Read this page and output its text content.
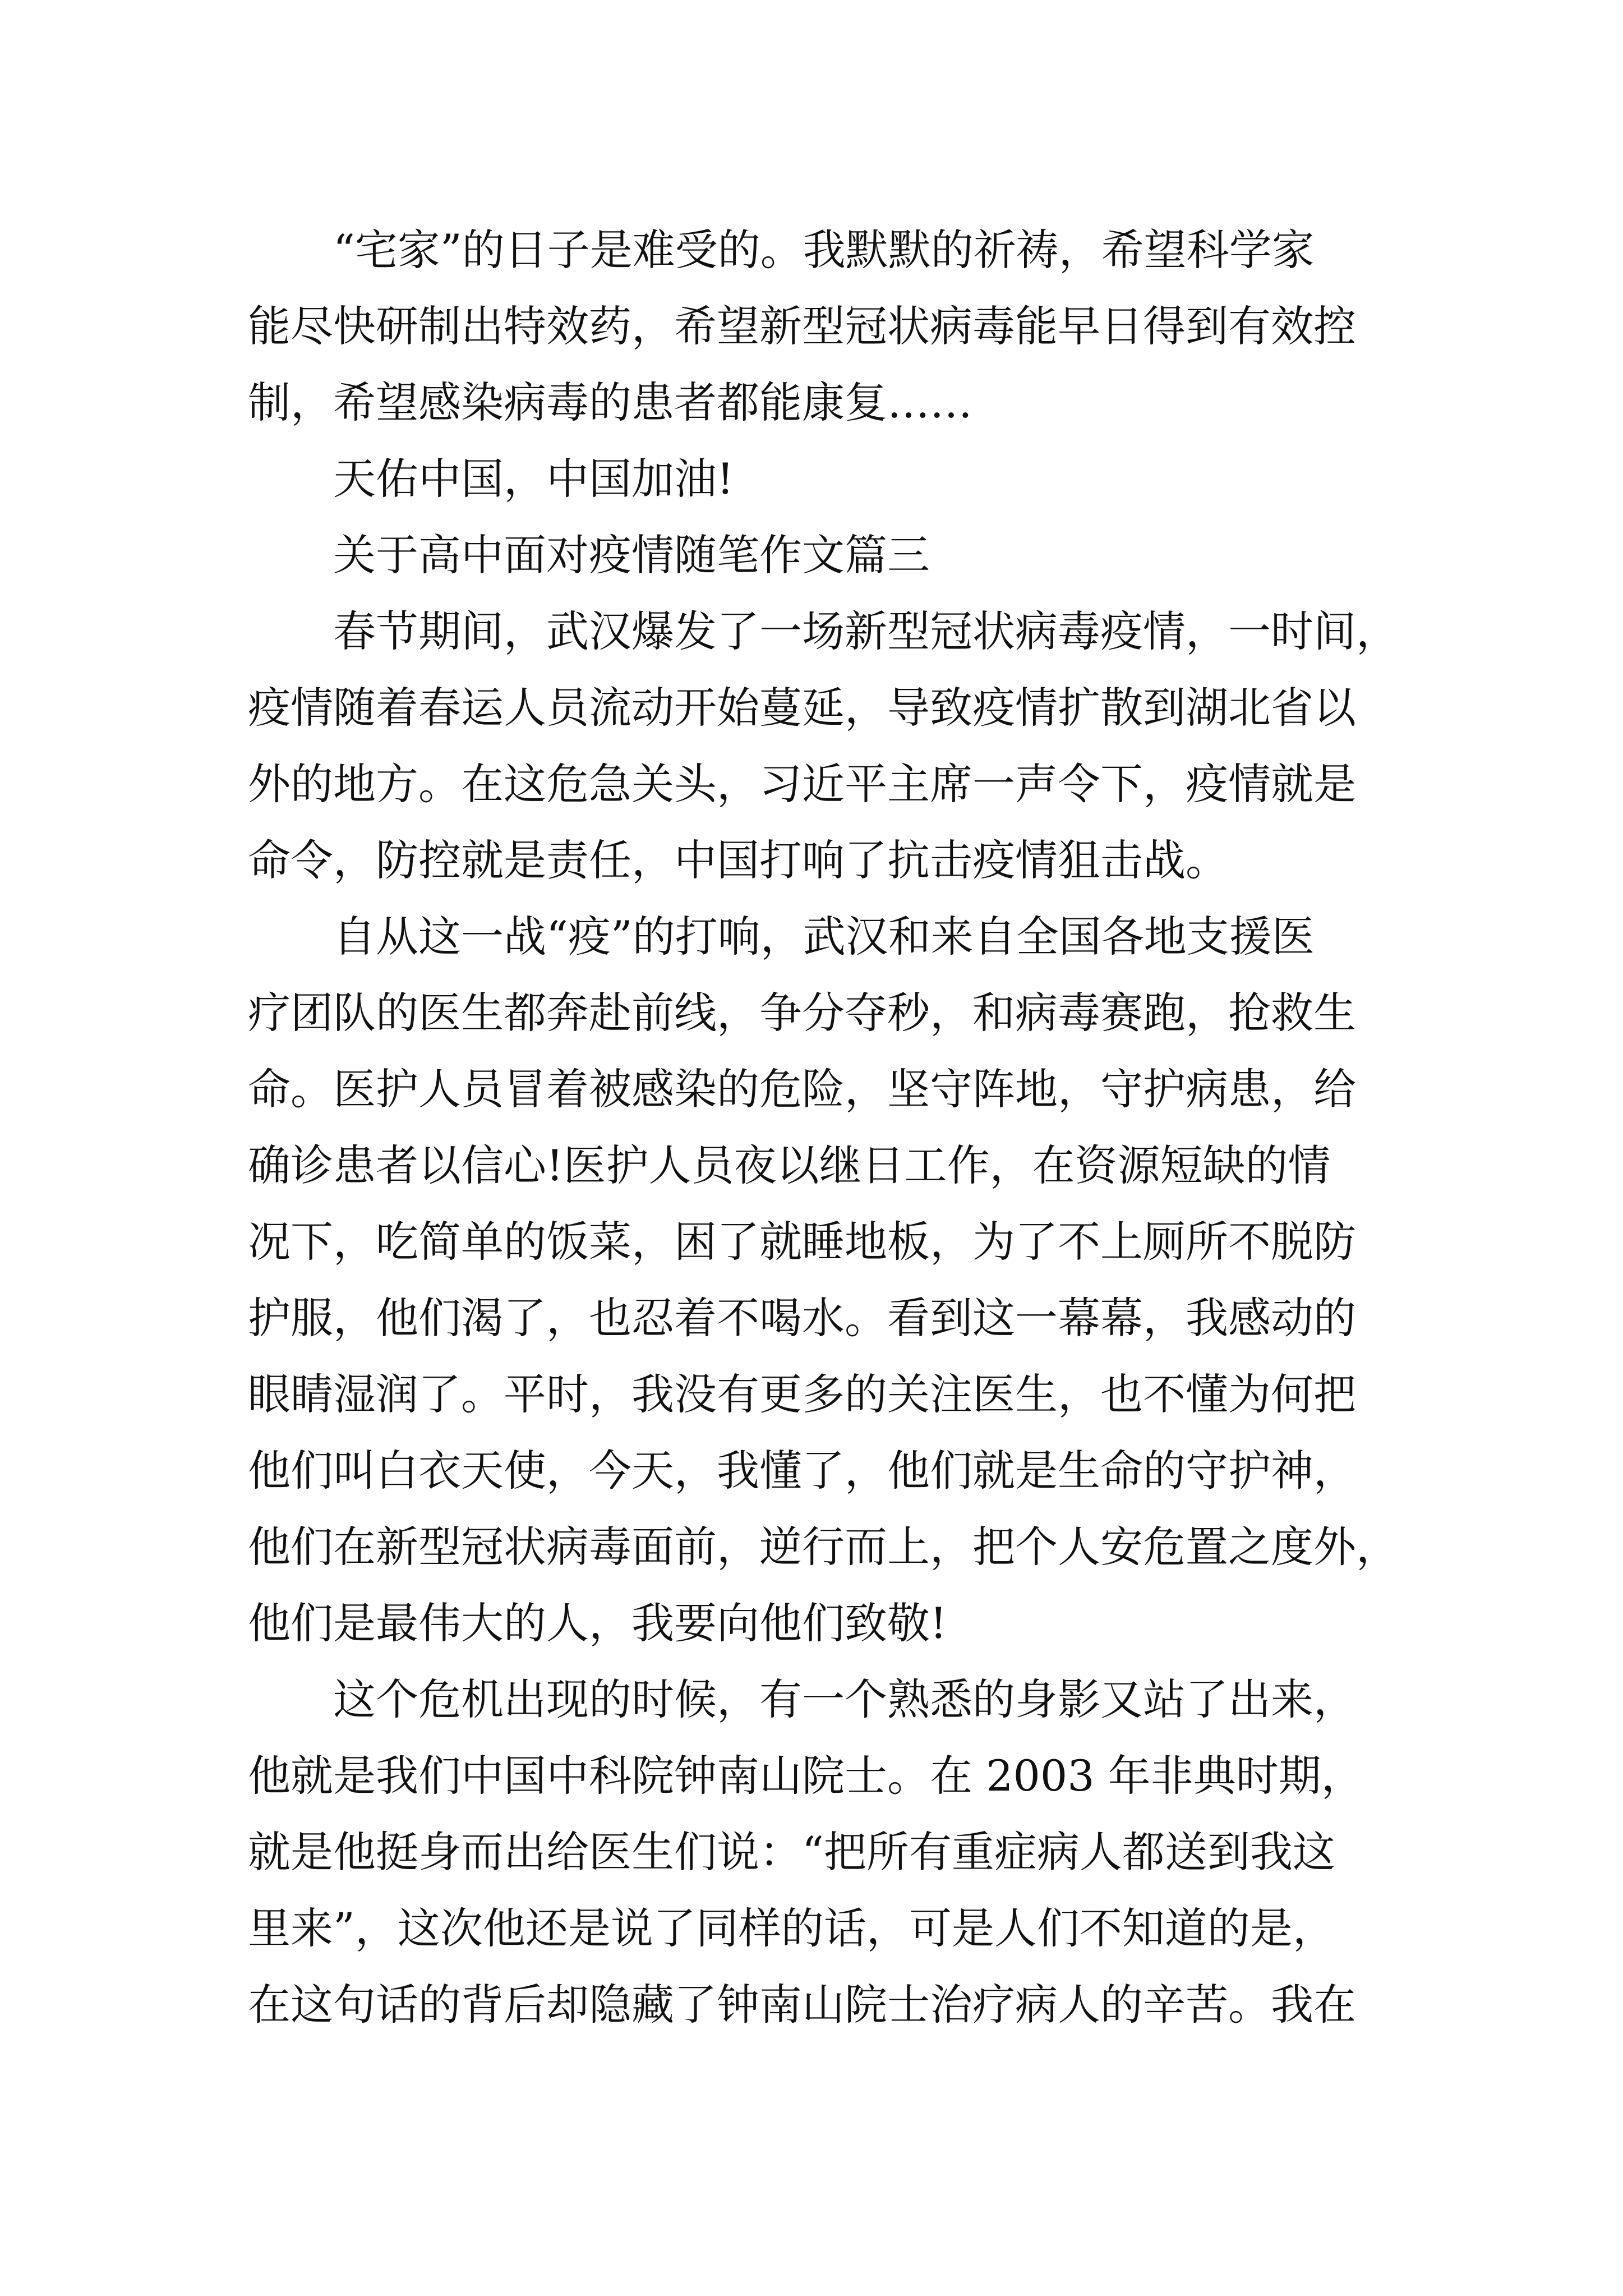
“宅家”的日子是难受的。我默默的祈祷，希望科学家
能尽快研制出特效药，希望新型冠状病毒能早日得到有效控
制，希望感染病毒的患者都能康复……
天佑中国，中国加油!
关于高中面对疫情随笔作文篇三
春节期间，武汉爆发了一场新型冠状病毒疫情，一时间，
疫情随着春运人员流动开始蔓延，导致疫情扩散到湖北省以
外的地方。在这危急关头，习近平主席一声令下，疫情就是
命令，防控就是责任，中国打响了抗击疫情狙击战。
自从这一战“疫”的打响，武汉和来自全国各地支援医
疗团队的医生都奔赴前线，争分夺秒，和病毒赛跑，抢救生
命。医护人员冒着被感染的危险，坚守阵地，守护病患，给
确诊患者以信心!医护人员夜以继日工作，在资源短缺的情
况下，吃简单的饭菜，困了就睡地板，为了不上厕所不脱防
护服，他们渴了，也忍着不喝水。看到这一幕幕，我感动的
眼睛湿润了。平时，我没有更多的关注医生，也不懂为何把
他们叫白衣天使，今天，我懂了，他们就是生命的守护神，
他们在新型冠状病毒面前，逆行而上，把个人安危置之度外，
他们是最伟大的人，我要向他们致敬!
这个危机出现的时候，有一个熟悉的身影又站了出来，
他就是我们中国中科院钟南山院士。在 2003 年非典时期，
就是他挺身而出给医生们说：“把所有重症病人都送到我这
里来”，这次他还是说了同样的话，可是人们不知道的是，
在这句话的背后却隐藏了钟南山院士治疗病人的辛苦。我在
